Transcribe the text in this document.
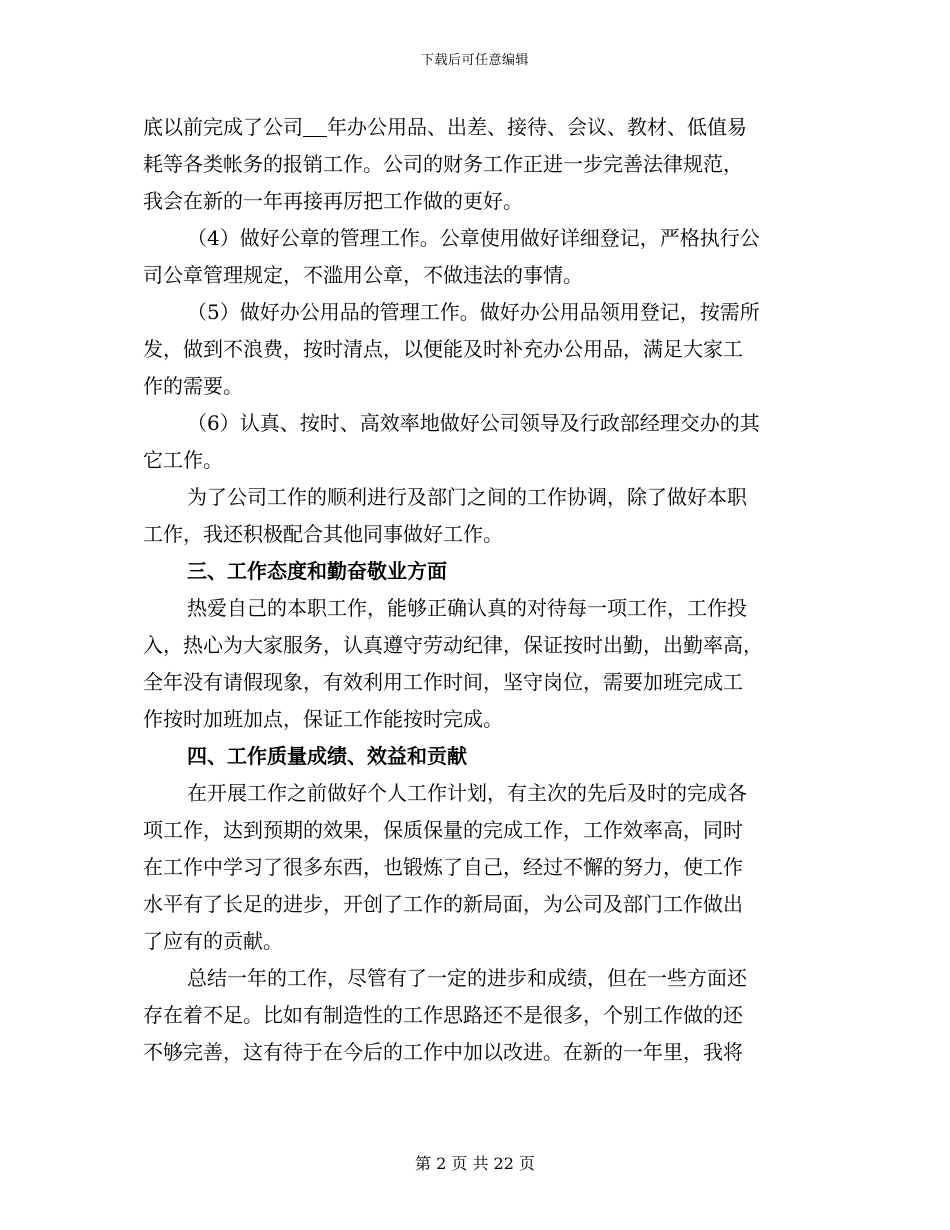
下载后可任意编辑
底以前完成了公司 年办公用品、出差、接待、会议、教材、低值易
耗等各类帐务的报销工作。公司的财务工作正进一步完善法律规范，
我会在新的一年再接再厉把工作做的更好。
（4）做好公章的管理工作。公章使用做好详细登记，严格执行公
司公章管理规定，不滥用公章，不做违法的事情。
（5）做好办公用品的管理工作。做好办公用品领用登记，按需所
发，做到不浪费，按时清点，以便能及时补充办公用品，满足大家工
作的需要。
（6）认真、按时、高效率地做好公司领导及行政部经理交办的其
它工作。
为了公司工作的顺利进行及部门之间的工作协调，除了做好本职
工作，我还积极配合其他同事做好工作。
三、工作态度和勤奋敬业方面
热爱自己的本职工作，能够正确认真的对待每一项工作，工作投
入，热心为大家服务，认真遵守劳动纪律，保证按时出勤，出勤率高，
全年没有请假现象，有效利用工作时间，坚守岗位，需要加班完成工
作按时加班加点，保证工作能按时完成。
四、工作质量成绩、效益和贡献
在开展工作之前做好个人工作计划，有主次的先后及时的完成各
项工作，达到预期的效果，保质保量的完成工作，工作效率高，同时
在工作中学习了很多东西，也锻炼了自己，经过不懈的努力，使工作
水平有了长足的进步，开创了工作的新局面，为公司及部门工作做出
了应有的贡献。
总结一年的工作，尽管有了一定的进步和成绩，但在一些方面还
存在着不足。比如有制造性的工作思路还不是很多，个别工作做的还
不够完善，这有待于在今后的工作中加以改进。在新的一年里，我将
第 2 页 共 22 页
